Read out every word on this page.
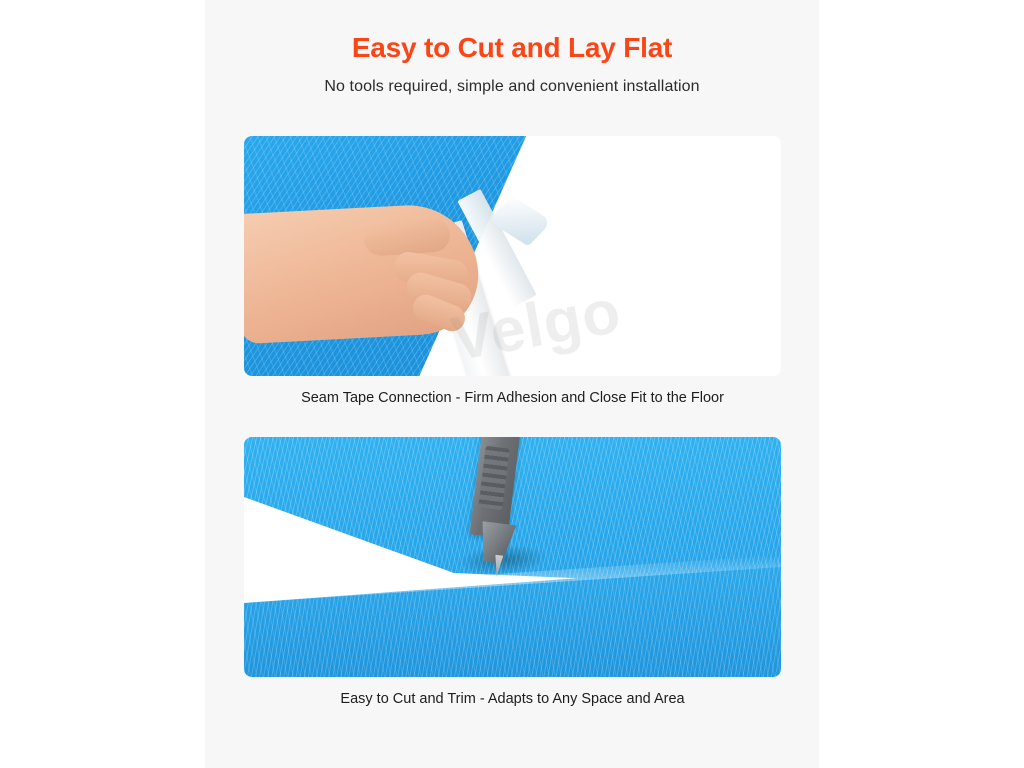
Easy to Cut and Lay Flat
No tools required, simple and convenient installation
Seam Tape Connection - Firm Adhesion and Close Fit to the Floor
Easy to Cut and Trim - Adapts to Any Space and Area
